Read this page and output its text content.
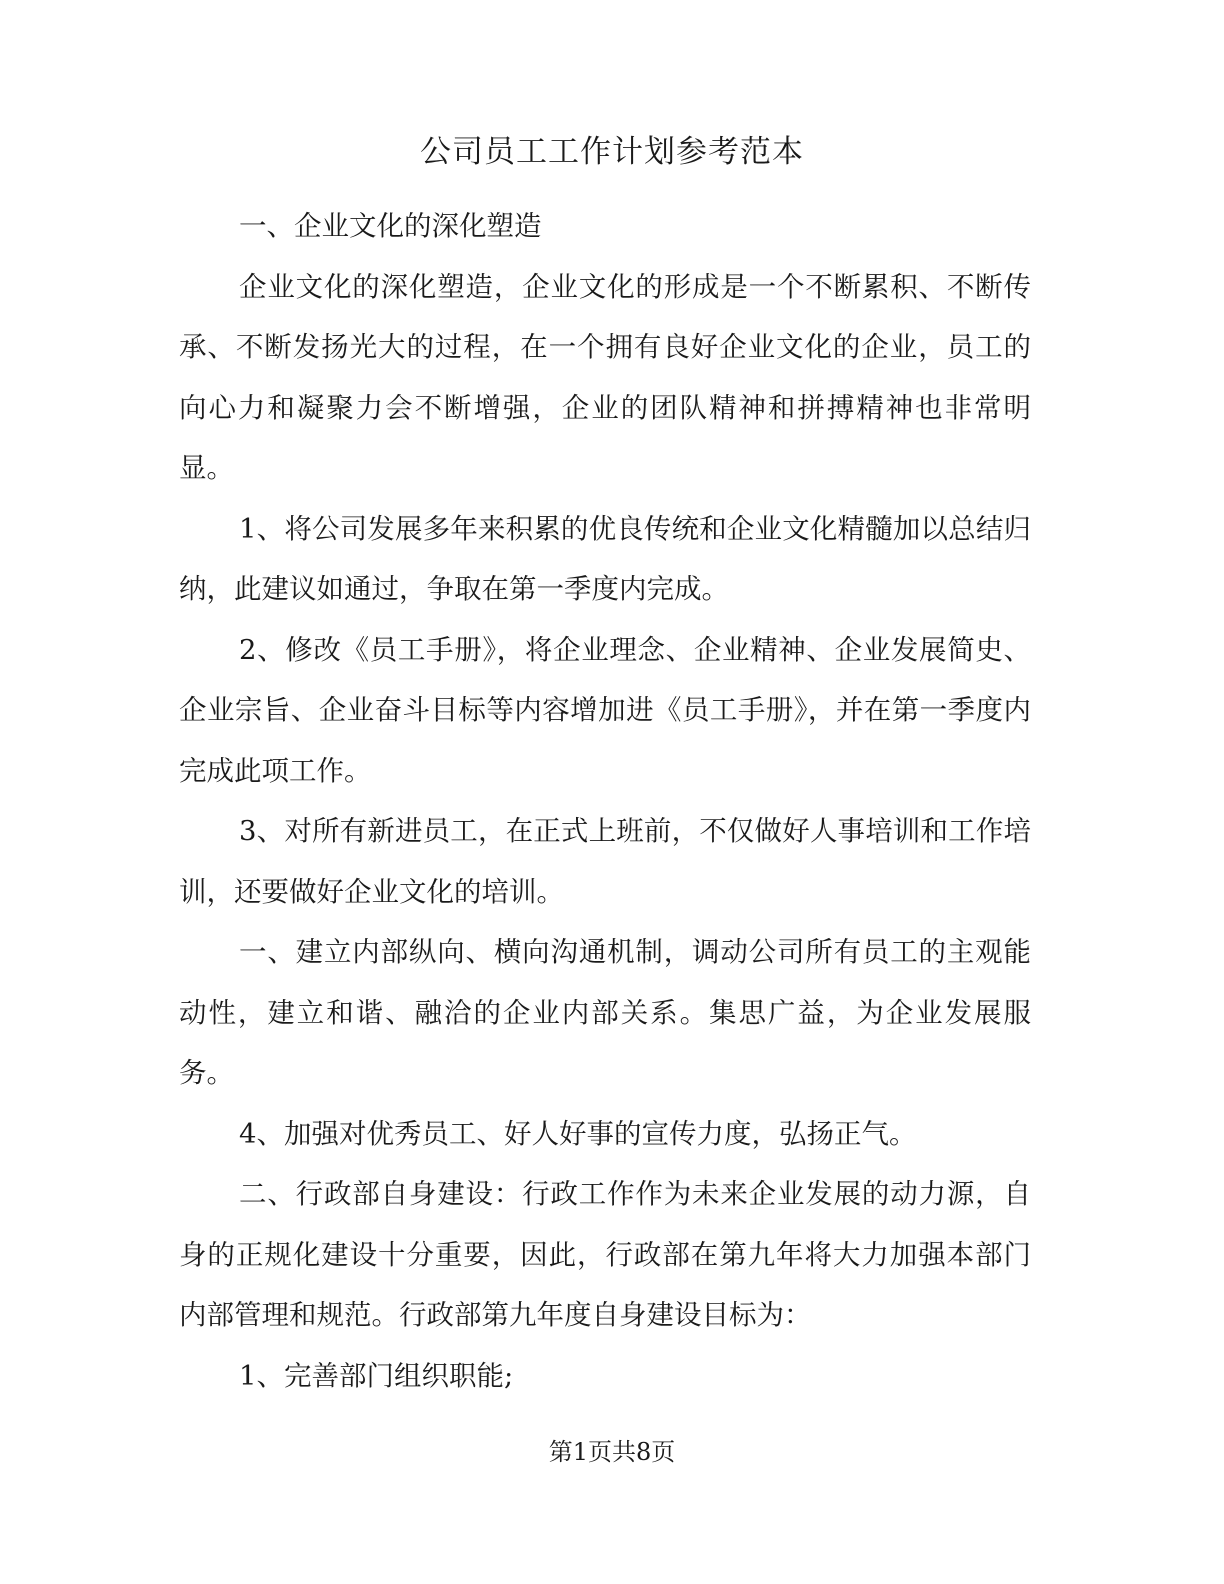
公司员工工作计划参考范本

一、企业文化的深化塑造

企业文化的深化塑造，企业文化的形成是一个不断累积、不断传承、不断发扬光大的过程，在一个拥有良好企业文化的企业，员工的向心力和凝聚力会不断增强，企业的团队精神和拼搏精神也非常明显。

1、将公司发展多年来积累的优良传统和企业文化精髓加以总结归纳，此建议如通过，争取在第一季度内完成。

2、修改《员工手册》，将企业理念、企业精神、企业发展简史、企业宗旨、企业奋斗目标等内容增加进《员工手册》，并在第一季度内完成此项工作。

3、对所有新进员工，在正式上班前，不仅做好人事培训和工作培训，还要做好企业文化的培训。

一、建立内部纵向、横向沟通机制，调动公司所有员工的主观能动性，建立和谐、融洽的企业内部关系。集思广益，为企业发展服务。

4、加强对优秀员工、好人好事的宣传力度，弘扬正气。

二、行政部自身建设：行政工作作为未来企业发展的动力源，自身的正规化建设十分重要，因此，行政部在第九年将大力加强本部门内部管理和规范。行政部第九年度自身建设目标为：

1、完善部门组织职能;

第1页共8页
